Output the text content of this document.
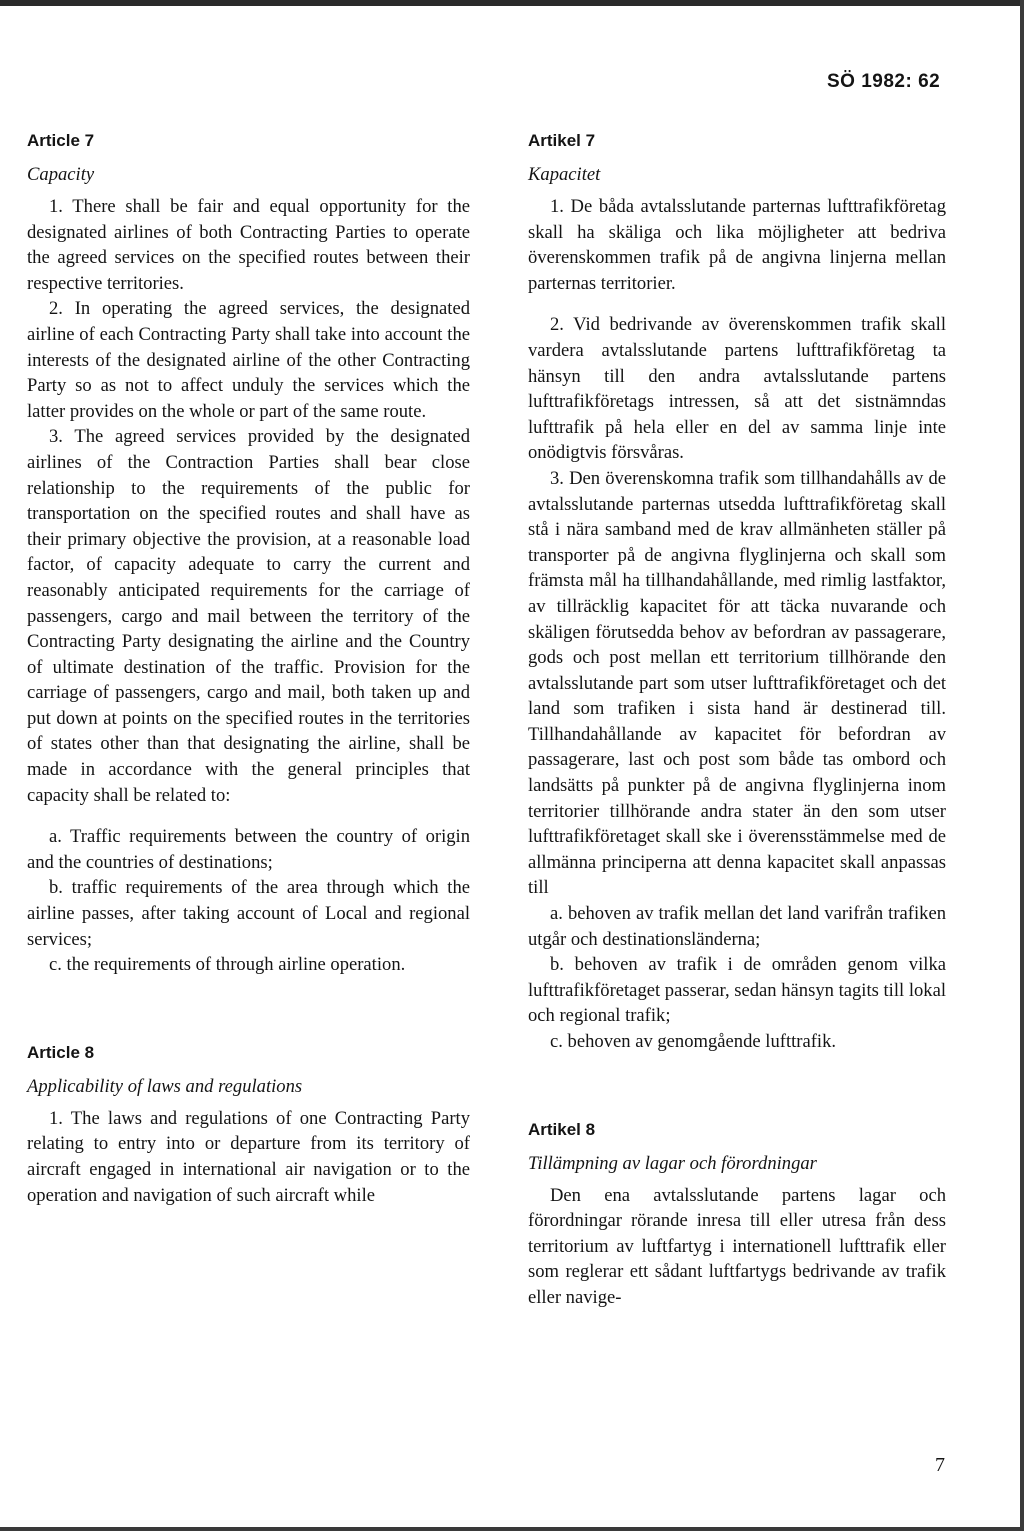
SÖ 1982: 62
Article 7
Capacity

1. There shall be fair and equal opportunity for the designated airlines of both Contracting Parties to operate the agreed services on the specified routes between their respective territories.

2. In operating the agreed services, the designated airline of each Contracting Party shall take into account the interests of the designated airline of the other Contracting Party so as not to affect unduly the services which the latter provides on the whole or part of the same route.

3. The agreed services provided by the designated airlines of the Contraction Parties shall bear close relationship to the requirements of the public for transportation on the specified routes and shall have as their primary objective the provision, at a reasonable load factor, of capacity adequate to carry the current and reasonably anticipated requirements for the carriage of passengers, cargo and mail between the territory of the Contracting Party designating the airline and the Country of ultimate destination of the traffic. Provision for the carriage of passengers, cargo and mail, both taken up and put down at points on the specified routes in the territories of states other than that designating the airline, shall be made in accordance with the general principles that capacity shall be related to:

a. Traffic requirements between the country of origin and the countries of destinations;

b. traffic requirements of the area through which the airline passes, after taking account of Local and regional services;

c. the requirements of through airline operation.

Article 8
Applicability of laws and regulations

1. The laws and regulations of one Contracting Party relating to entry into or departure from its territory of aircraft engaged in international air navigation or to the operation and navigation of such aircraft while

Artikel 7
Kapacitet

1. De båda avtalsslutande parternas lufttrafikföretag skall ha skäliga och lika möjligheter att bedriva överenskommen trafik på de angivna linjerna mellan parternas territorier.

2. Vid bedrivande av överenskommen trafik skall vardera avtalsslutande partens lufttrafikföretag ta hänsyn till den andra avtalsslutande partens lufttrafikföretags intressen, så att det sistnämndas lufttrafik på hela eller en del av samma linje inte onödigtvis försvåras.

3. Den överenskomna trafik som tillhandahålls av de avtalsslutande parternas utsedda lufttrafikföretag skall stå i nära samband med de krav allmänheten ställer på transporter på de angivna flyglinjerna och skall som främsta mål ha tillhandahållande, med rimlig lastfaktor, av tillräcklig kapacitet för att täcka nuvarande och skäligen förutsedda behov av befordran av passagerare, gods och post mellan ett territorium tillhörande den avtalsslutande part som utser lufttrafikföretaget och det land som trafiken i sista hand är destinerad till. Tillhandahållande av kapacitet för befordran av passagerare, last och post som både tas ombord och landsätts på punkter på de angivna flyglinjerna inom territorier tillhörande andra stater än den som utser lufttrafikföretaget skall ske i överensstämmelse med de allmänna principerna att denna kapacitet skall anpassas till

a. behoven av trafik mellan det land varifrån trafiken utgår och destinationsländerna;

b. behoven av trafik i de områden genom vilka lufttrafikföretaget passerar, sedan hänsyn tagits till lokal och regional trafik;

c. behoven av genomgående lufttrafik.

Artikel 8
Tillämpning av lagar och förordningar

Den ena avtalsslutande partens lagar och förordningar rörande inresa till eller utresa från dess territorium av luftfartyg i internationell lufttrafik eller som reglerar ett sådant luftfartygs bedrivande av trafik eller navige-

7
